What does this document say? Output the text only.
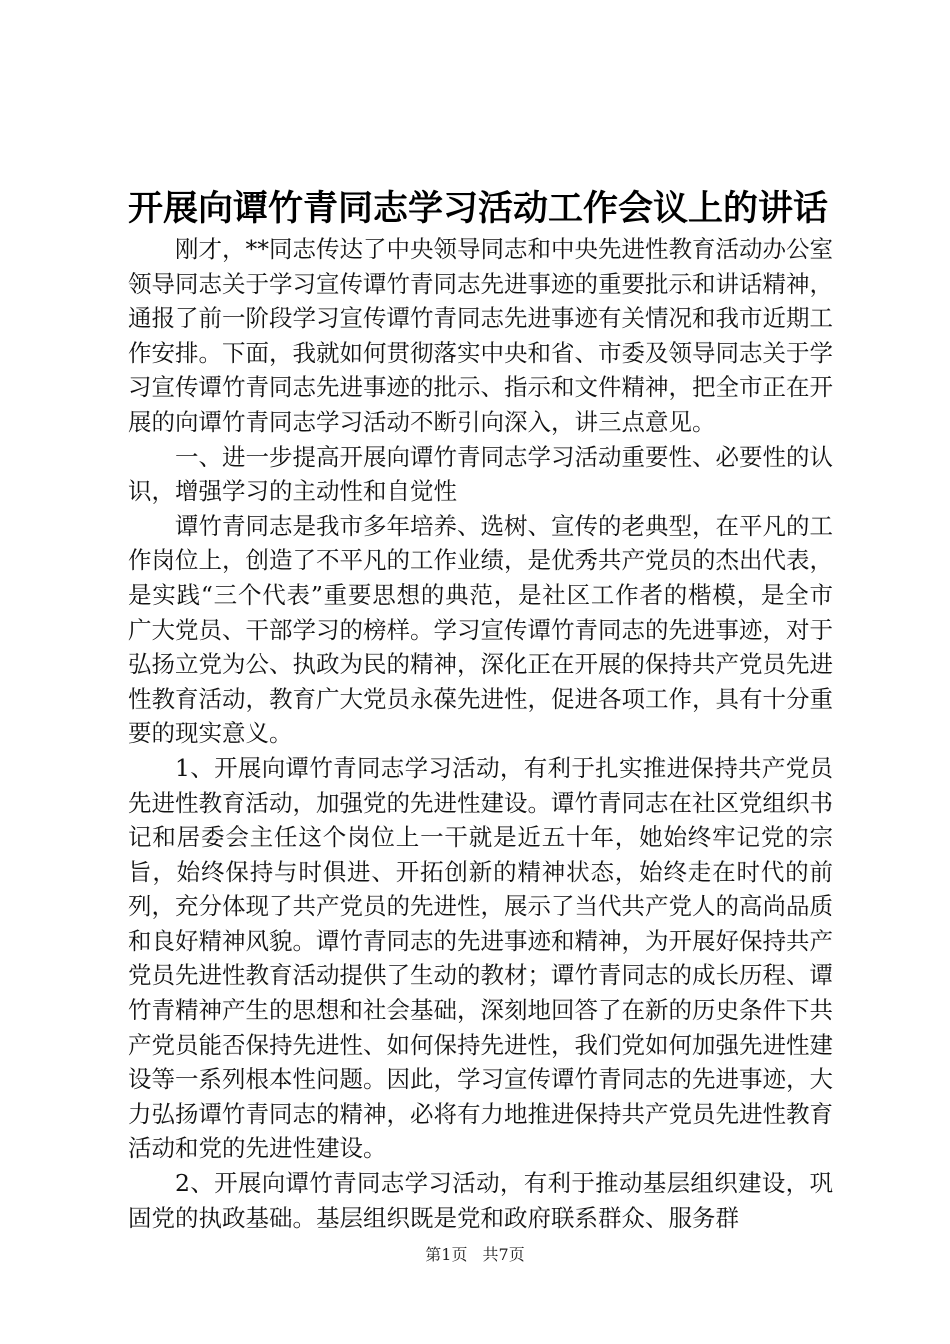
开展向谭竹青同志学习活动工作会议上的讲话

刚才，**同志传达了中央领导同志和中央先进性教育活动办公室领导同志关于学习宣传谭竹青同志先进事迹的重要批示和讲话精神，通报了前一阶段学习宣传谭竹青同志先进事迹有关情况和我市近期工作安排。下面，我就如何贯彻落实中央和省、市委及领导同志关于学习宣传谭竹青同志先进事迹的批示、指示和文件精神，把全市正在开展的向谭竹青同志学习活动不断引向深入，讲三点意见。

一、进一步提高开展向谭竹青同志学习活动重要性、必要性的认识，增强学习的主动性和自觉性

谭竹青同志是我市多年培养、选树、宣传的老典型，在平凡的工作岗位上，创造了不平凡的工作业绩，是优秀共产党员的杰出代表，是实践“三个代表”重要思想的典范，是社区工作者的楷模，是全市广大党员、干部学习的榜样。学习宣传谭竹青同志的先进事迹，对于弘扬立党为公、执政为民的精神，深化正在开展的保持共产党员先进性教育活动，教育广大党员永葆先进性，促进各项工作，具有十分重要的现实意义。

1、开展向谭竹青同志学习活动，有利于扎实推进保持共产党员先进性教育活动，加强党的先进性建设。谭竹青同志在社区党组织书记和居委会主任这个岗位上一干就是近五十年，她始终牢记党的宗旨，始终保持与时俱进、开拓创新的精神状态，始终走在时代的前列，充分体现了共产党员的先进性，展示了当代共产党人的高尚品质和良好精神风貌。谭竹青同志的先进事迹和精神，为开展好保持共产党员先进性教育活动提供了生动的教材；谭竹青同志的成长历程、谭竹青精神产生的思想和社会基础，深刻地回答了在新的历史条件下共产党员能否保持先进性、如何保持先进性，我们党如何加强先进性建设等一系列根本性问题。因此，学习宣传谭竹青同志的先进事迹，大力弘扬谭竹青同志的精神，必将有力地推进保持共产党员先进性教育活动和党的先进性建设。

2、开展向谭竹青同志学习活动，有利于推动基层组织建设，巩固党的执政基础。基层组织既是党和政府联系群众、服务群

第1页 共7页
